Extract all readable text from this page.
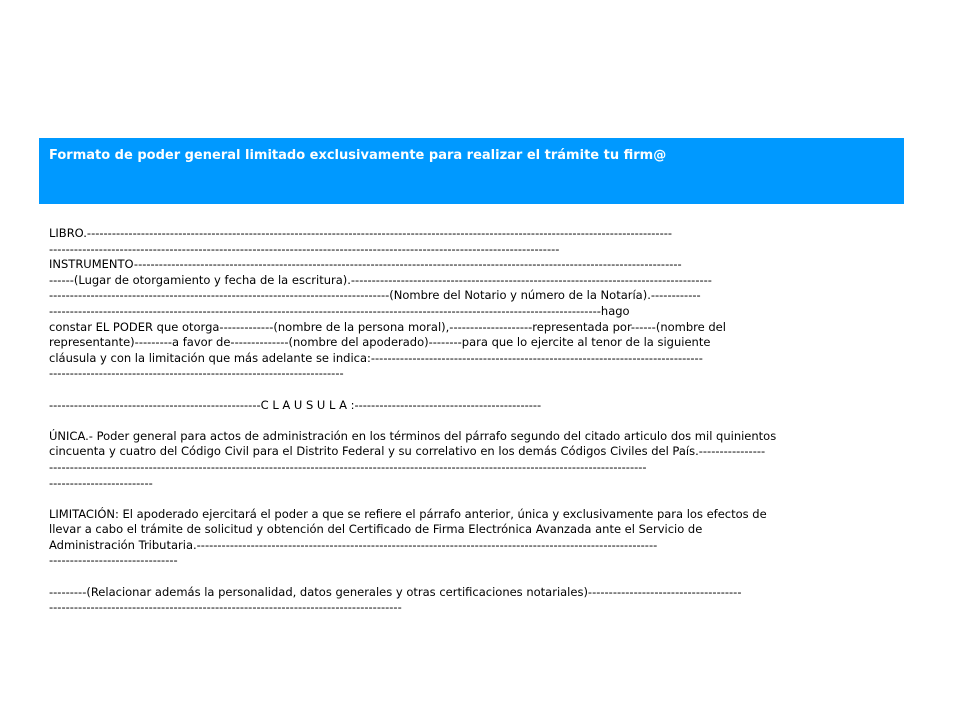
Formato de poder general limitado exclusivamente para realizar el trámite tu firm@
LIBRO.---------------------------------------------------------------------------------------------------------------------------------------------
---------------------------------------------------------------------------------------------------------------------------
INSTRUMENTO------------------------------------------------------------------------------------------------------------------------------------
------(Lugar de otorgamiento y fecha de la escritura).---------------------------------------------------------------------------------------
----------------------------------------------------------------------------------(Nombre del Notario y número de la Notaría).------------
-------------------------------------------------------------------------------------------------------------------------------------hago
constar EL PODER que otorga-------------(nombre de la persona moral),--------------------representada por------(nombre del
representante)---------a favor de--------------(nombre del apoderado)--------para que lo ejercite al tenor de la siguiente
cláusula y con la limitación que más adelante se indica:--------------------------------------------------------------------------------
-----------------------------------------------------------------------
---------------------------------------------------C L A U S U L A :---------------------------------------------
ÚNICA.- Poder general para actos de administración en los términos del párrafo segundo del citado articulo dos mil quinientos
cincuenta y cuatro del Código Civil para el Distrito Federal y su correlativo en los demás Códigos Civiles del País.----------------
------------------------------------------------------------------------------------------------------------------------------------------------
-------------------------
LIMITACIÓN: El apoderado ejercitará el poder a que se refiere el párrafo anterior, única y exclusivamente para los efectos de
llevar a cabo el trámite de solicitud y obtención del Certificado de Firma Electrónica Avanzada ante el Servicio de
Administración Tributaria.---------------------------------------------------------------------------------------------------------------
-------------------------------
---------(Relacionar además la personalidad, datos generales y otras certificaciones notariales)-------------------------------------
-------------------------------------------------------------------------------------
